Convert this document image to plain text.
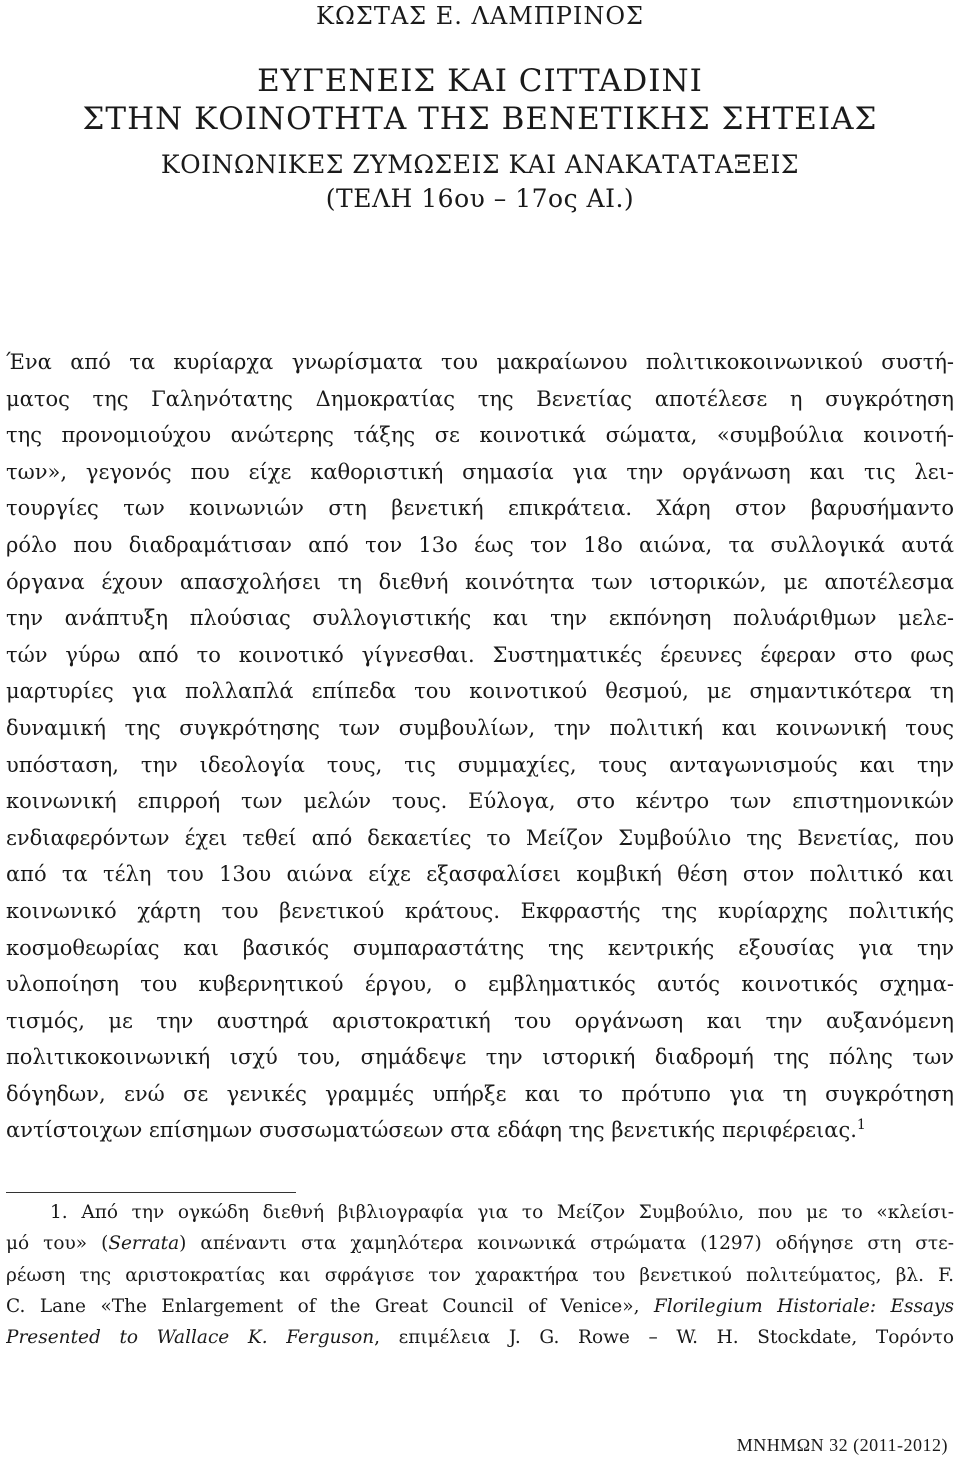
ΚΩΣΤΑΣ Ε. ΛΑΜΠΡΙΝΟΣ
ΕΥΓΕΝΕΙΣ ΚΑΙ CITTADINI
ΣΤΗΝ ΚΟΙΝΟΤΗΤΑ ΤΗΣ ΒΕΝΕΤΙΚΗΣ ΣΗΤΕΙΑΣ
ΚΟΙΝΩΝΙΚΕΣ ΖΥΜΩΣΕΙΣ ΚΑΙ ΑΝΑΚΑΤΑΤΑΞΕΙΣ
(ΤΕΛΗ 16ου – 17ος ΑΙ.)
Ένα από τα κυρίαρχα γνωρίσματα του μακραίωνου πολιτικοκοινωνικού συστή-
ματος της Γαληνότατης Δημοκρατίας της Βενετίας αποτέλεσε η συγκρότηση
της προνομιούχου ανώτερης τάξης σε κοινοτικά σώματα, «συμβούλια κοινοτή-
των», γεγονός που είχε καθοριστική σημασία για την οργάνωση και τις λει-
τουργίες των κοινωνιών στη βενετική επικράτεια. Χάρη στον βαρυσήμαντο
ρόλο που διαδραμάτισαν από τον 13ο έως τον 18ο αιώνα, τα συλλογικά αυτά
όργανα έχουν απασχολήσει τη διεθνή κοινότητα των ιστορικών, με αποτέλεσμα
την ανάπτυξη πλούσιας συλλογιστικής και την εκπόνηση πολυάριθμων μελε-
τών γύρω από το κοινοτικό γίγνεσθαι. Συστηματικές έρευνες έφεραν στο φως
μαρτυρίες για πολλαπλά επίπεδα του κοινοτικού θεσμού, με σημαντικότερα τη
δυναμική της συγκρότησης των συμβουλίων, την πολιτική και κοινωνική τους
υπόσταση, την ιδεολογία τους, τις συμμαχίες, τους ανταγωνισμούς και την
κοινωνική επιρροή των μελών τους. Εύλογα, στο κέντρο των επιστημονικών
ενδιαφερόντων έχει τεθεί από δεκαετίες το Μείζον Συμβούλιο της Βενετίας, που
από τα τέλη του 13ου αιώνα είχε εξασφαλίσει κομβική θέση στον πολιτικό και
κοινωνικό χάρτη του βενετικού κράτους. Εκφραστής της κυρίαρχης πολιτικής
κοσμοθεωρίας και βασικός συμπαραστάτης της κεντρικής εξουσίας για την
υλοποίηση του κυβερνητικού έργου, ο εμβληματικός αυτός κοινοτικός σχημα-
τισμός, με την αυστηρά αριστοκρατική του οργάνωση και την αυξανόμενη
πολιτικοκοινωνική ισχύ του, σημάδεψε την ιστορική διαδρομή της πόλης των
δόγηδων, ενώ σε γενικές γραμμές υπήρξε και το πρότυπο για τη συγκρότηση
αντίστοιχων επίσημων συσσωματώσεων στα εδάφη της βενετικής περιφέρειας.$^1$
1. Από την ογκώδη διεθνή βιβλιογραφία για το Μείζον Συμβούλιο, που με το «κλείσι-
μό του» (Serrata) απέναντι στα χαμηλότερα κοινωνικά στρώματα (1297) οδήγησε στη στε-
ρέωση της αριστοκρατίας και σφράγισε τον χαρακτήρα του βενετικού πολιτεύματος, βλ. F.
C. Lane «The Enlargement of the Great Council of Venice», Florilegium Historiale: Essays
Presented to Wallace K. Ferguson, επιμέλεια J. G. Rowe – W. H. Stockdate, Τορόντο
ΜΝΗΜΩΝ 32 (2011-2012)
